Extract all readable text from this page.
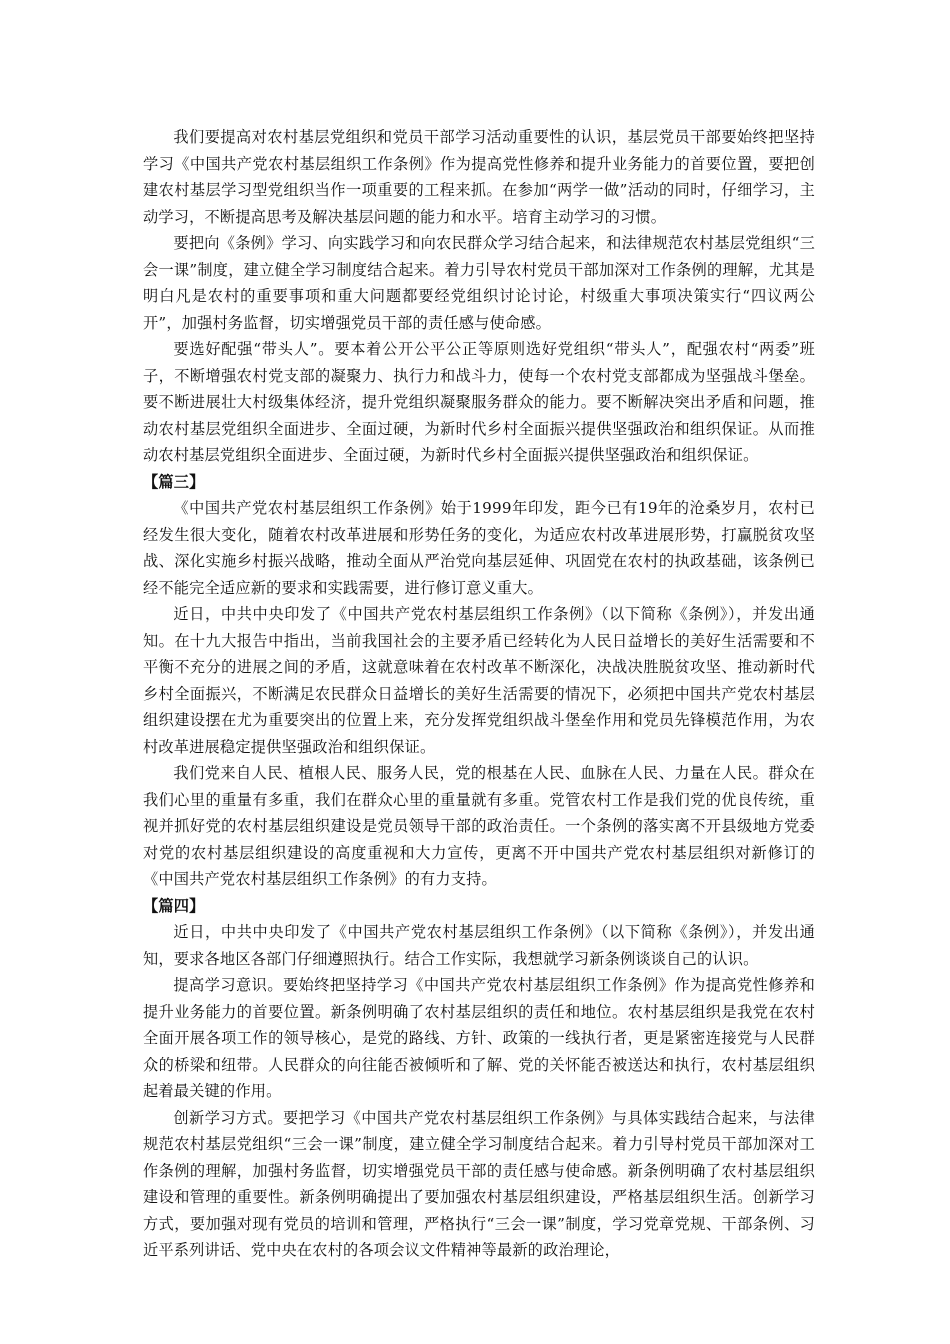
我们要提高对农村基层党组织和党员干部学习活动重要性的认识，基层党员干部要始终把坚持学习《中国共产党农村基层组织工作条例》作为提高党性修养和提升业务能力的首要位置，要把创建农村基层学习型党组织当作一项重要的工程来抓。在参加“两学一做”活动的同时，仔细学习，主动学习，不断提高思考及解决基层问题的能力和水平。培育主动学习的习惯。

要把向《条例》学习、向实践学习和向农民群众学习结合起来，和法律规范农村基层党组织“三会一课”制度，建立健全学习制度结合起来。着力引导农村党员干部加深对工作条例的理解，尤其是明白凡是农村的重要事项和重大问题都要经党组织讨论讨论，村级重大事项决策实行“四议两公开”，加强村务监督，切实增强党员干部的责任感与使命感。

要选好配强“带头人”。要本着公开公平公正等原则选好党组织“带头人”，配强农村“两委”班子，不断增强农村党支部的凝聚力、执行力和战斗力，使每一个农村党支部都成为坚强战斗堡垒。要不断进展壮大村级集体经济，提升党组织凝聚服务群众的能力。要不断解决突出矛盾和问题，推动农村基层党组织全面进步、全面过硬，为新时代乡村全面振兴提供坚强政治和组织保证。从而推动农村基层党组织全面进步、全面过硬，为新时代乡村全面振兴提供坚强政治和组织保证。

【篇三】

《中国共产党农村基层组织工作条例》始于1999年印发，距今已有19年的沧桑岁月，农村已经发生很大变化，随着农村改革进展和形势任务的变化，为适应农村改革进展形势，打赢脱贫攻坚战、深化实施乡村振兴战略，推动全面从严治党向基层延伸、巩固党在农村的执政基础，该条例已经不能完全适应新的要求和实践需要，进行修订意义重大。

近日，中共中央印发了《中国共产党农村基层组织工作条例》（以下简称《条例》），并发出通知。在十九大报告中指出，当前我国社会的主要矛盾已经转化为人民日益增长的美好生活需要和不平衡不充分的进展之间的矛盾，这就意味着在农村改革不断深化，决战决胜脱贫攻坚、推动新时代乡村全面振兴，不断满足农民群众日益增长的美好生活需要的情况下，必须把中国共产党农村基层组织建设摆在尤为重要突出的位置上来，充分发挥党组织战斗堡垒作用和党员先锋模范作用，为农村改革进展稳定提供坚强政治和组织保证。

我们党来自人民、植根人民、服务人民，党的根基在人民、血脉在人民、力量在人民。群众在我们心里的重量有多重，我们在群众心里的重量就有多重。党管农村工作是我们党的优良传统，重视并抓好党的农村基层组织建设是党员领导干部的政治责任。一个条例的落实离不开县级地方党委对党的农村基层组织建设的高度重视和大力宣传，更离不开中国共产党农村基层组织对新修订的《中国共产党农村基层组织工作条例》的有力支持。

【篇四】

近日，中共中央印发了《中国共产党农村基层组织工作条例》（以下简称《条例》），并发出通知，要求各地区各部门仔细遵照执行。结合工作实际，我想就学习新条例谈谈自己的认识。

提高学习意识。要始终把坚持学习《中国共产党农村基层组织工作条例》作为提高党性修养和提升业务能力的首要位置。新条例明确了农村基层组织的责任和地位。农村基层组织是我党在农村全面开展各项工作的领导核心，是党的路线、方针、政策的一线执行者，更是紧密连接党与人民群众的桥梁和纽带。人民群众的向往能否被倾听和了解、党的关怀能否被送达和执行，农村基层组织起着最关键的作用。

创新学习方式。要把学习《中国共产党农村基层组织工作条例》与具体实践结合起来，与法律规范农村基层党组织“三会一课”制度，建立健全学习制度结合起来。着力引导村党员干部加深对工作条例的理解，加强村务监督，切实增强党员干部的责任感与使命感。新条例明确了农村基层组织建设和管理的重要性。新条例明确提出了要加强农村基层组织建设，严格基层组织生活。创新学习方式，要加强对现有党员的培训和管理，严格执行“三会一课”制度，学习党章党规、干部条例、习近平系列讲话、党中央在农村的各项会议文件精神等最新的政治理论，
